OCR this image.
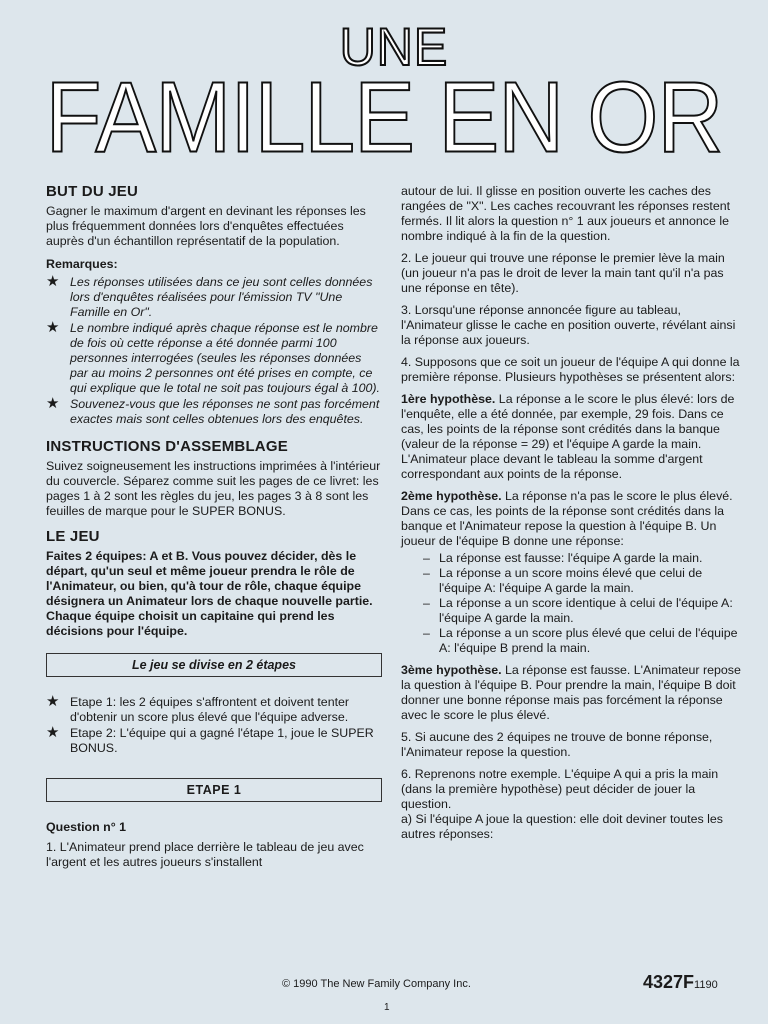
UNE
FAMILLE EN OR
BUT DU JEU

Gagner le maximum d'argent en devinant les réponses les plus fréquemment données lors d'enquêtes effectuées auprès d'un échantillon représentatif de la population.

Remarques:
★ Les réponses utilisées dans ce jeu sont celles données lors d'enquêtes réalisées pour l'émission TV "Une Famille en Or".
★ Le nombre indiqué après chaque réponse est le nombre de fois où cette réponse a été donnée parmi 100 personnes interrogées (seules les réponses données par au moins 2 personnes ont été prises en compte, ce qui explique que le total ne soit pas toujours égal à 100).
★ Souvenez-vous que les réponses ne sont pas forcément exactes mais sont celles obtenues lors des enquêtes.
INSTRUCTIONS D'ASSEMBLAGE

Suivez soigneusement les instructions imprimées à l'intérieur du couvercle. Séparez comme suit les pages de ce livret: les pages 1 à 2 sont les règles du jeu, les pages 3 à 8 sont les feuilles de marque pour le SUPER BONUS.

LE JEU

Faites 2 équipes: A et B. Vous pouvez décider, dès le départ, qu'un seul et même joueur prendra le rôle de l'Animateur, ou bien, qu'à tour de rôle, chaque équipe désignera un Animateur lors de chaque nouvelle partie. Chaque équipe choisit un capitaine qui prend les décisions pour l'équipe.

Le jeu se divise en 2 étapes
★ Etape 1: les 2 équipes s'affrontent et doivent tenter d'obtenir un score plus élevé que l'équipe adverse.
★ Etape 2: L'équipe qui a gagné l'étape 1, joue le SUPER BONUS.
ETAPE 1
Question n° 1

1. L'Animateur prend place derrière le tableau de jeu avec l'argent et les autres joueurs s'installent

autour de lui. Il glisse en position ouverte les caches des rangées de "X". Les caches recouvrant les réponses restent fermés. Il lit alors la question n° 1 aux joueurs et annonce le nombre indiqué à la fin de la question.

2. Le joueur qui trouve une réponse le premier lève la main (un joueur n'a pas le droit de lever la main tant qu'il n'a pas une réponse en tête).

3. Lorsqu'une réponse annoncée figure au tableau, l'Animateur glisse le cache en position ouverte, révélant ainsi la réponse aux joueurs.

4. Supposons que ce soit un joueur de l'équipe A qui donne la première réponse. Plusieurs hypothèses se présentent alors:

1ère hypothèse. La réponse a le score le plus élevé: lors de l'enquête, elle a été donnée, par exemple, 29 fois. Dans ce cas, les points de la réponse sont crédités dans la banque (valeur de la réponse = 29) et l'équipe A garde la main. L'Animateur place devant le tableau la somme d'argent correspondant aux points de la réponse.

2ème hypothèse. La réponse n'a pas le score le plus élevé. Dans ce cas, les points de la réponse sont crédités dans la banque et l'Animateur repose la question à l'équipe B. Un joueur de l'équipe B donne une réponse:

– La réponse est fausse: l'équipe A garde la main.
– La réponse a un score moins élevé que celui de l'équipe A: l'équipe A garde la main.
– La réponse a un score identique à celui de l'équipe A: l'équipe A garde la main.
– La réponse a un score plus élevé que celui de l'équipe A: l'équipe B prend la main.

3ème hypothèse. La réponse est fausse. L'Animateur repose la question à l'équipe B. Pour prendre la main, l'équipe B doit donner une bonne réponse mais pas forcément la réponse avec le score le plus élevé.

5. Si aucune des 2 équipes ne trouve de bonne réponse, l'Animateur repose la question.

6. Reprenons notre exemple. L'équipe A qui a pris la main (dans la première hypothèse) peut décider de jouer la question.

a) Si l'équipe A joue la question: elle doit deviner toutes les autres réponses:

© 1990 The New Family Company Inc.	4327F1190
1
